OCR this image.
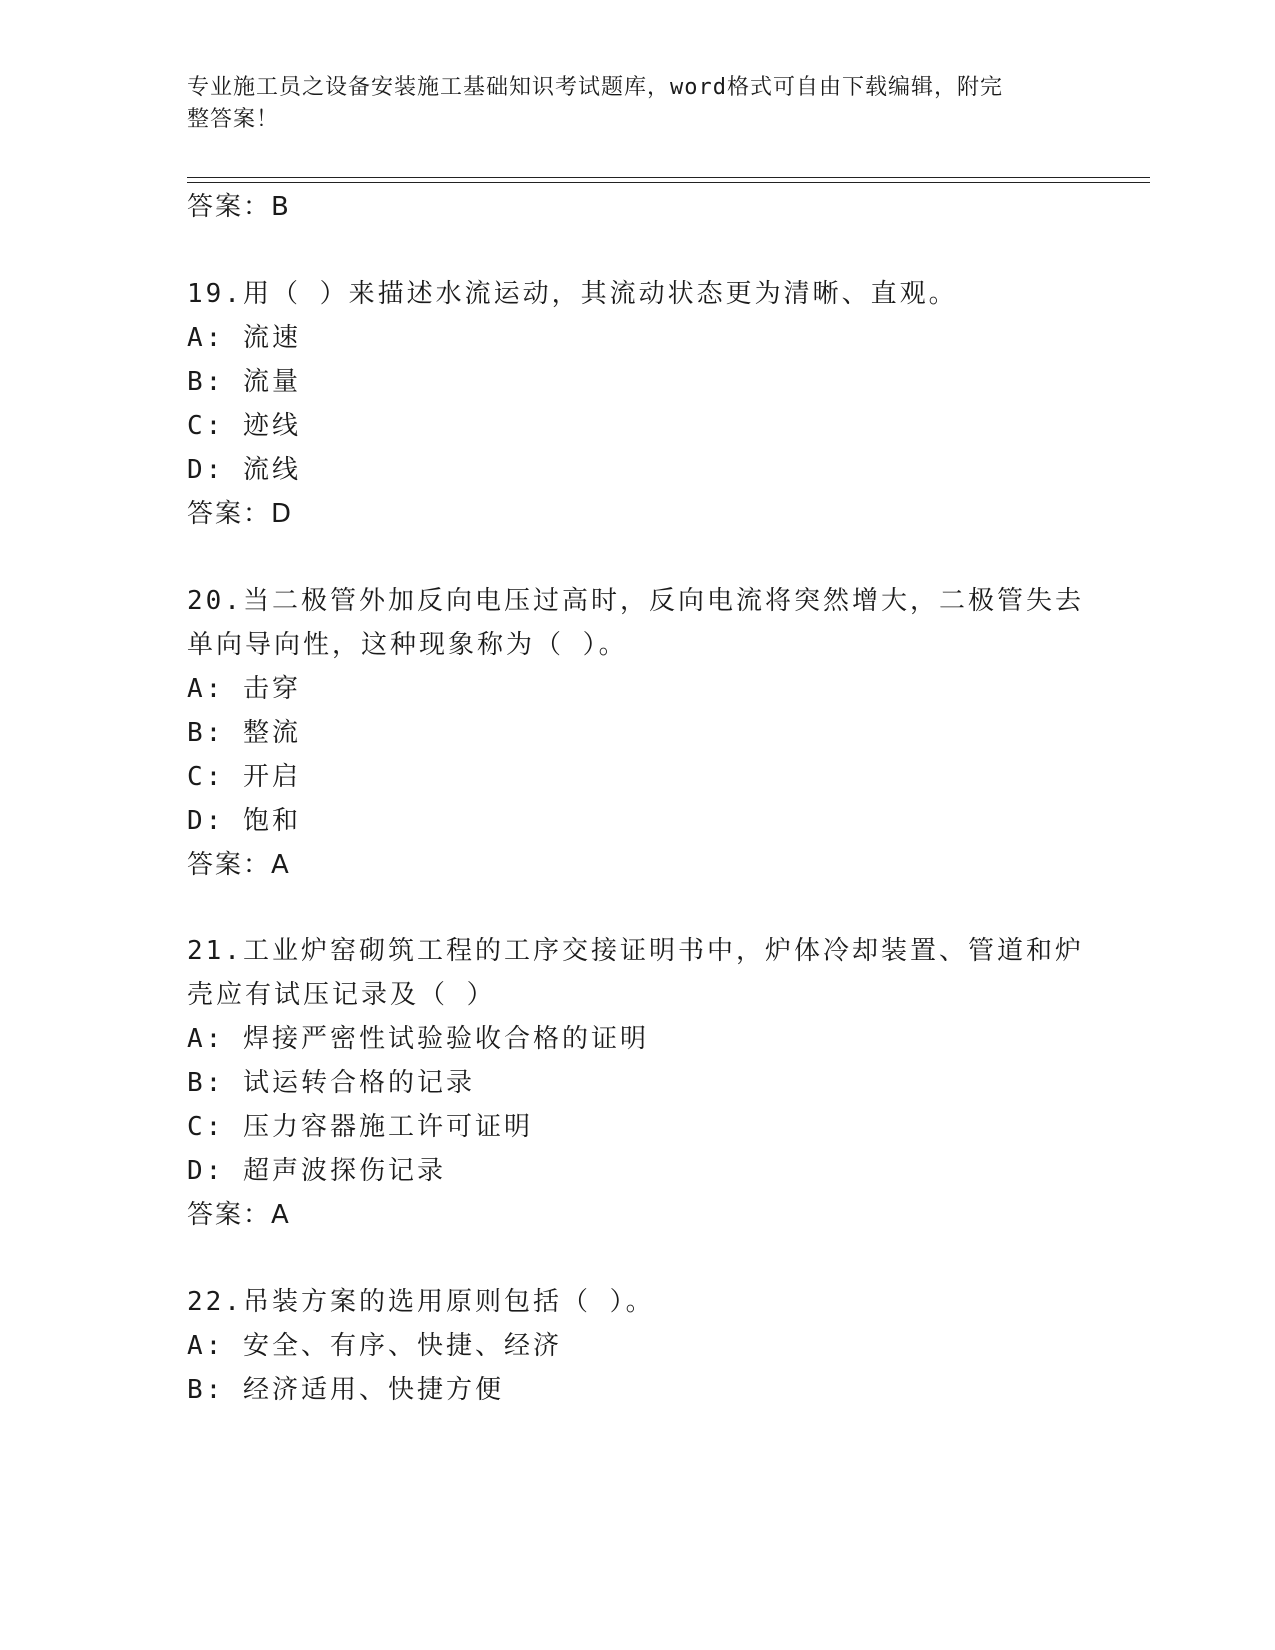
专业施工员之设备安装施工基础知识考试题库，word格式可自由下载编辑，附完
整答案！
答案：B
19.用（ ）来描述水流运动，其流动状态更为清晰、直观。
A: 流速
B: 流量
C: 迹线
D: 流线
答案：D
20.当二极管外加反向电压过高时，反向电流将突然增大，二极管失去
单向导向性，这种现象称为（ ）。
A: 击穿
B: 整流
C: 开启
D: 饱和
答案：A
21.工业炉窑砌筑工程的工序交接证明书中，炉体冷却装置、管道和炉
壳应有试压记录及（ ）
A: 焊接严密性试验验收合格的证明
B: 试运转合格的记录
C: 压力容器施工许可证明
D: 超声波探伤记录
答案：A
22.吊装方案的选用原则包括（ ）。
A: 安全、有序、快捷、经济
B: 经济适用、快捷方便
